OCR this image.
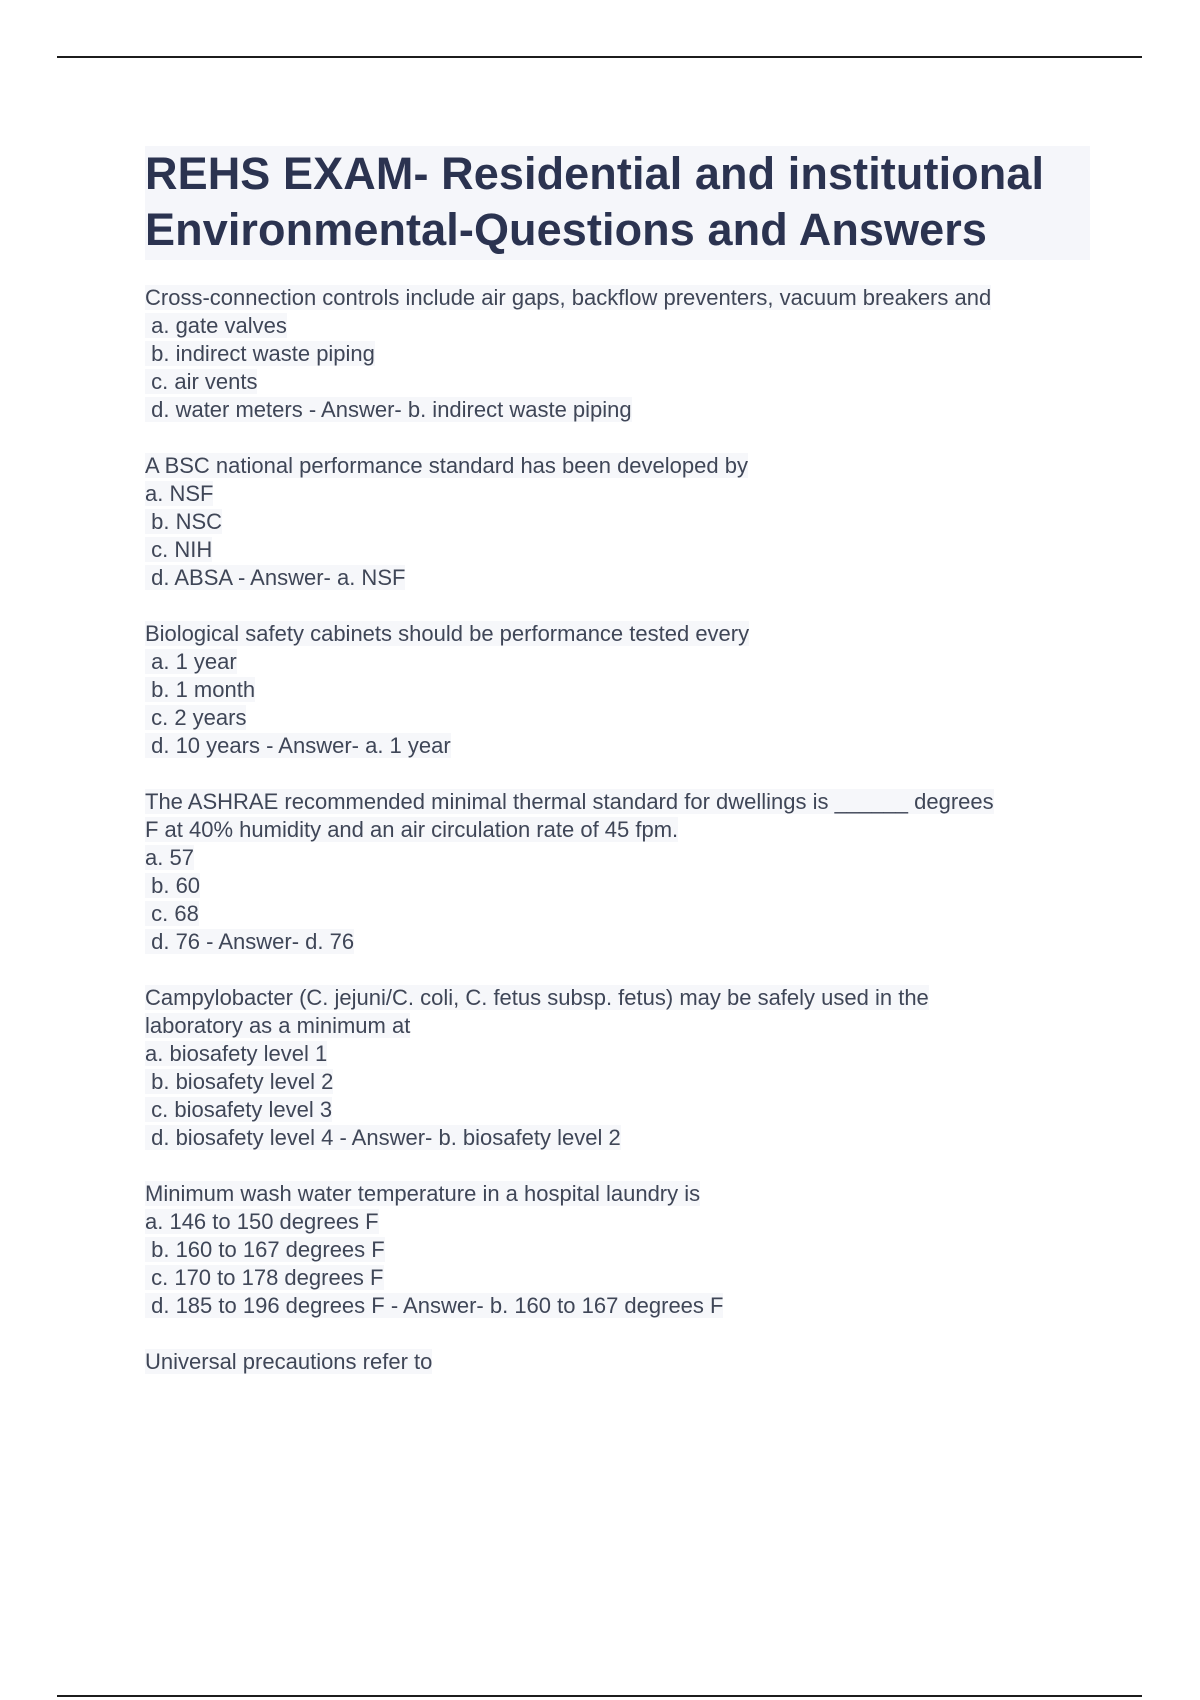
REHS EXAM- Residential and institutional Environmental-Questions and Answers
Cross-connection controls include air gaps, backflow preventers, vacuum breakers and
a. gate valves
b. indirect waste piping
c. air vents
d. water meters - Answer- b. indirect waste piping
A BSC national performance standard has been developed by
a. NSF
b. NSC
c. NIH
d. ABSA - Answer- a. NSF
Biological safety cabinets should be performance tested every
a. 1 year
b. 1 month
c. 2 years
d. 10 years - Answer- a. 1 year
The ASHRAE recommended minimal thermal standard for dwellings is ______ degrees
F at 40% humidity and an air circulation rate of 45 fpm.
a. 57
b. 60
c. 68
d. 76 - Answer- d. 76
Campylobacter (C. jejuni/C. coli, C. fetus subsp. fetus) may be safely used in the
laboratory as a minimum at
a. biosafety level 1
b. biosafety level 2
c. biosafety level 3
d. biosafety level 4 - Answer- b. biosafety level 2
Minimum wash water temperature in a hospital laundry is
a. 146 to 150 degrees F
b. 160 to 167 degrees F
c. 170 to 178 degrees F
d. 185 to 196 degrees F - Answer- b. 160 to 167 degrees F
Universal precautions refer to
